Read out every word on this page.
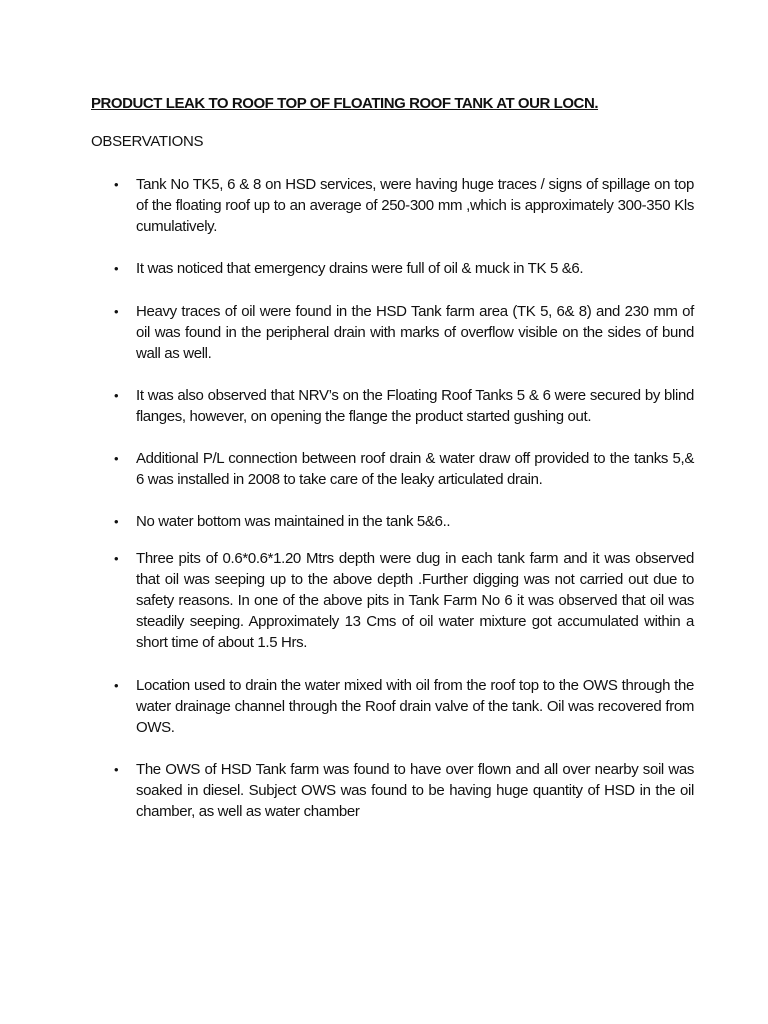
PRODUCT LEAK TO ROOF TOP OF FLOATING ROOF TANK AT OUR LOCN.
OBSERVATIONS
•	Tank No TK5, 6 & 8 on HSD services, were having huge traces / signs of spillage on top of the floating roof up to an average of 250-300 mm ,which is approximately 300-350 Kls cumulatively.
•	It was noticed that emergency drains were full of oil & muck in TK 5 &6.
•	Heavy traces of oil were found in the HSD Tank farm area (TK 5, 6& 8) and 230 mm of oil was found in the peripheral drain with marks of overflow visible on the sides of bund wall as well.
•	It was also observed that NRV’s on the Floating Roof Tanks 5 & 6 were secured by blind flanges, however, on opening the flange the product started gushing out.
•	Additional P/L connection between roof drain & water draw off provided to the tanks 5,& 6 was installed in 2008 to take care of the leaky articulated drain.
•	No water bottom was maintained in the tank 5&6..
•	Three pits of 0.6*0.6*1.20 Mtrs depth were dug in each tank farm and it was observed that oil was seeping up to the above depth .Further digging was not carried out due to safety reasons. In one of the above pits in Tank Farm No 6 it was observed that oil was steadily seeping. Approximately 13 Cms of oil water mixture got accumulated within a short time of about 1.5 Hrs.
•	Location used to drain the water mixed with oil from the roof top to the OWS through the water drainage channel through the Roof drain valve of the tank. Oil was recovered from OWS.
•	The OWS of HSD Tank farm was found to have over flown and all over nearby soil was soaked in diesel. Subject OWS was found to be having huge quantity of HSD in the oil chamber, as well as water chamber
